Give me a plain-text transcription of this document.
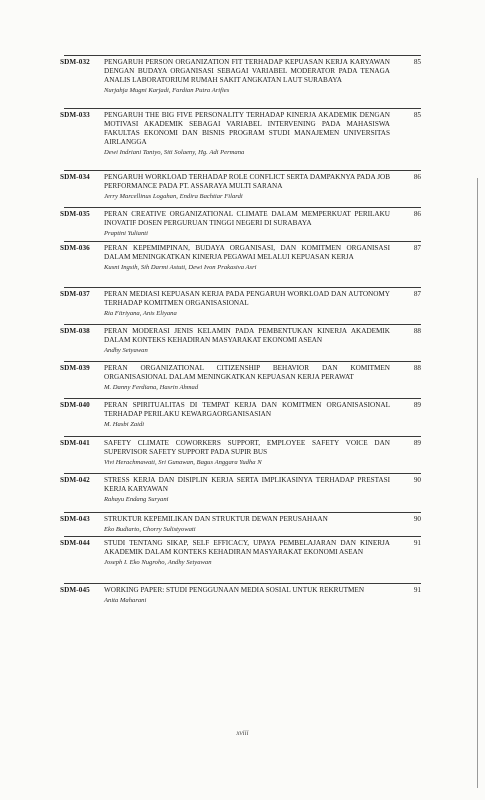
SDM-032	PENGARUH PERSON ORGANIZATION FIT TERHADAP KEPUASAN KERJA KARYAWAN DENGAN BUDAYA ORGANISASI SEBAGAI VARIABEL MODERATOR PADA TENAGA ANALIS LABORATORIUM RUMAH SAKIT ANGKATAN LAUT SURABAYA
Nurjahja Mugni Karjadi, Fardian Putra Arifies
85
SDM-033	PENGARUH THE BIG FIVE PERSONALITY TERHADAP KINERJA AKADEMIK DENGAN MOTIVASI AKADEMIK SEBAGAI VARIABEL INTERVENING PADA MAHASISWA FAKULTAS EKONOMI DAN BISNIS PROGRAM STUDI MANAJEMEN UNIVERSITAS AIRLANGGA
Dewi Indriani Tantyo, Siti Solaeny, Hg. Adi Permana
85
SDM-034	PENGARUH WORKLOAD TERHADAP ROLE CONFLICT SERTA DAMPAKNYA PADA JOB PERFORMANCE PADA PT. ASSARAYA MULTI SARANA
Jerry Marcellinus Logahan, Endira Bachtiar Filardi
86
SDM-035	PERAN CREATIVE ORGANIZATIONAL CLIMATE DALAM MEMPERKUAT PERILAKU INOVATIF DOSEN PERGURUAN TINGGI NEGERI DI SURABAYA
Praptini Yulianti
86
SDM-036	PERAN KEPEMIMPINAN, BUDAYA ORGANISASI, DAN KOMITMEN ORGANISASI DALAM MENINGKATKAN KINERJA PEGAWAI MELALUI KEPUASAN KERJA
Kusni Ingsih, Sih Darmi Astuti, Dewi Ivon Prakasiva Asri
87
SDM-037	PERAN MEDIASI KEPUASAN KERJA PADA PENGARUH WORKLOAD DAN AUTONOMY TERHADAP KOMITMEN ORGANISASIONAL
Ria Fitriyana, Anis Eliyana
87
SDM-038	PERAN MODERASI JENIS KELAMIN PADA PEMBENTUKAN KINERJA AKADEMIK DALAM KONTEKS KEHADIRAN MASYARAKAT EKONOMI ASEAN
Andhy Setyawan
88
SDM-039	PERAN ORGANIZATIONAL CITIZENSHIP BEHAVIOR DAN KOMITMEN ORGANISASIONAL DALAM MENINGKATKAN KEPUASAN KERJA PERAWAT
M. Danny Ferdiana, Hasrin Ahmad
88
SDM-040	PERAN SPIRITUALITAS DI TEMPAT KERJA DAN KOMITMEN ORGANISASIONAL TERHADAP PERILAKU KEWARGAORGANISASIAN
M. Hasbi Zaidi
89
SDM-041	SAFETY CLIMATE COWORKERS SUPPORT, EMPLOYEE SAFETY VOICE DAN SUPERVISOR SAFETY SUPPORT PADA SUPIR BUS
Vivi Herachmawati, Sri Gunawan, Bagus Anggara Yudha N
89
SDM-042	STRESS KERJA DAN DISIPLIN KERJA SERTA IMPLIKASINYA TERHADAP PRESTASI KERJA KARYAWAN
Rahayu Endang Suryani
90
SDM-043	STRUKTUR KEPEMILIKAN DAN STRUKTUR DEWAN PERUSAHAAN
Eko Budiarto, Chorry Sulistyowati
90
SDM-044	STUDI TENTANG SIKAP, SELF EFFICACY, UPAYA PEMBELAJARAN DAN KINERJA AKADEMIK DALAM KONTEKS KEHADIRAN MASYARAKAT EKONOMI ASEAN
Joseph I. Eko Nugroho, Andhy Setyawan
91
SDM-045	WORKING PAPER: STUDI PENGGUNAAN MEDIA SOSIAL UNTUK REKRUTMEN
Anita Maharani
91
xviii
